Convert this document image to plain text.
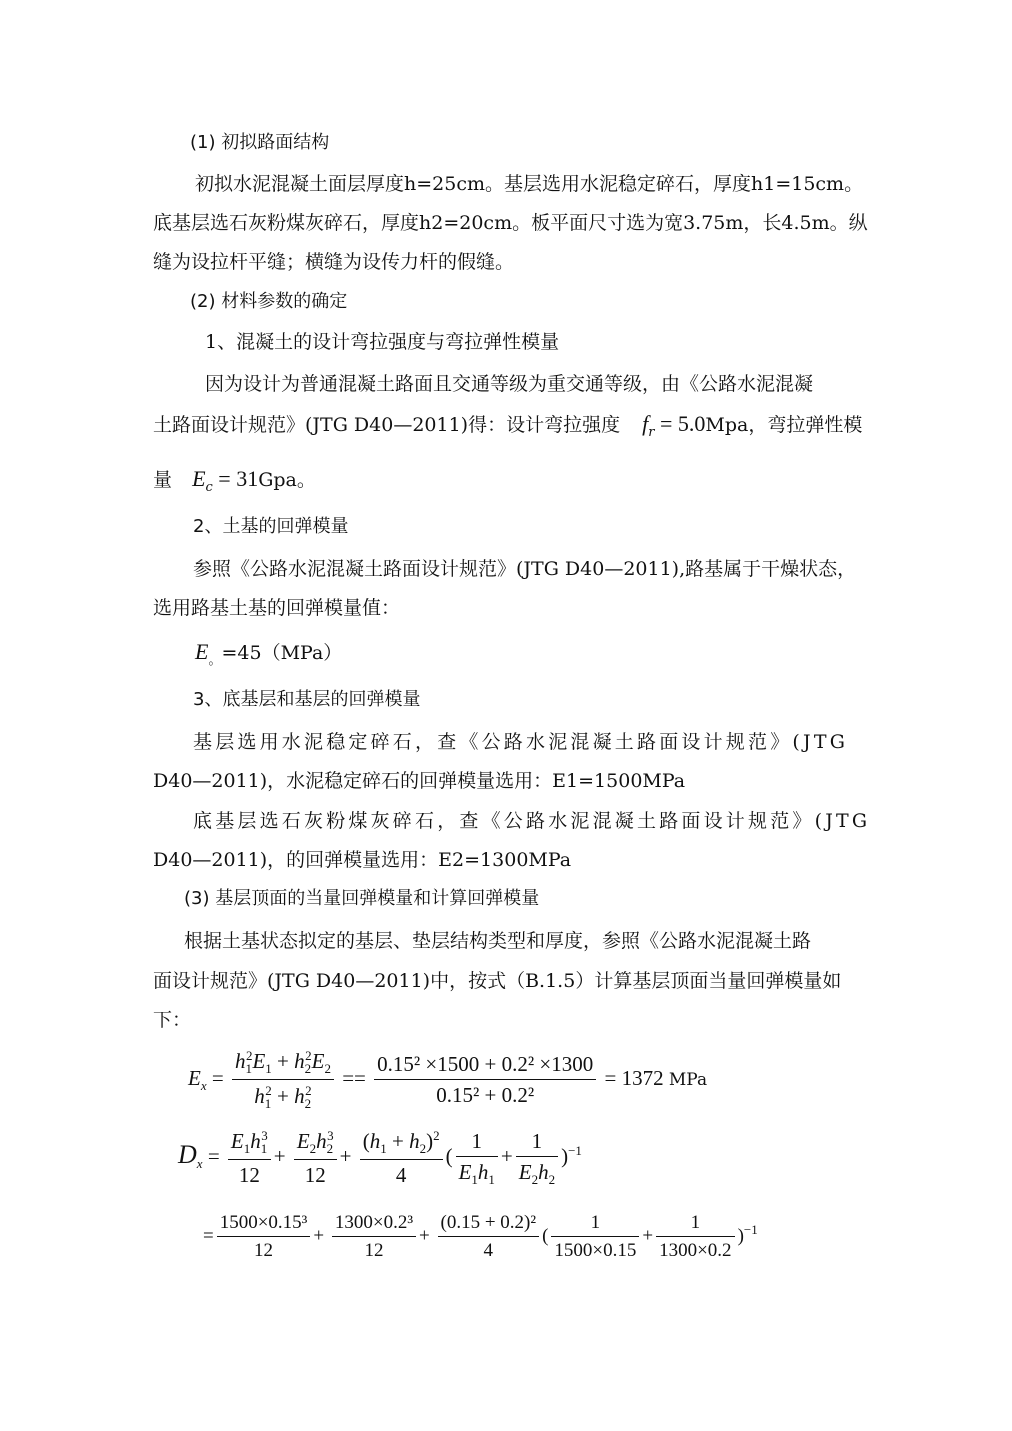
(1) 初拟路面结构
初拟水泥混凝土面层厚度h=25cm。基层选用水泥稳定碎石，厚度h1=15cm。
底基层选石灰粉煤灰碎石，厚度h2=20cm。板平面尺寸选为宽3.75m，长4.5m。纵
缝为设拉杆平缝；横缝为设传力杆的假缝。
(2) 材料参数的确定
1、混凝土的设计弯拉强度与弯拉弹性模量
因为设计为普通混凝土路面且交通等级为重交通等级，由《公路水泥混凝
土路面设计规范》(JTG D40—2011)得：设计弯拉强度 $f_r = 5.0Mpa$，弯拉弹性模
量 $E_c = 31Gpa$。
2、土基的回弹模量
参照《公路水泥混凝土路面设计规范》(JTG D40—2011),路基属于干燥状态，
选用路基土基的回弹模量值：
$E_。=45(MPa)$
3、底基层和基层的回弹模量
基层选用水泥稳定碎石，查《公路水泥混凝土路面设计规范》(JTG
D40—2011)，水泥稳定碎石的回弹模量选用：E1=1500MPa
底基层选石灰粉煤灰碎石，查《公路水泥混凝土路面设计规范》(JTG
D40—2011)，的回弹模量选用：E2=1300MPa
(3) 基层顶面的当量回弹模量和计算回弹模量
根据土基状态拟定的基层、垫层结构类型和厚度，参照《公路水泥混凝土路
面设计规范》(JTG D40—2011)中，按式（B.1.5）计算基层顶面当量回弹模量如
下：
$E_x = \frac{h_1^2E_1 + h_2^2E_2}{h_1^2 + h_2^2} == \frac{\text{0.15² ×1500 + 0.2² ×1300}}{\text{0.15² + 0.2²}} = 1372$ MPa
$D_x = \frac{E_1h_1^3}{12} + \frac{E_2h_2^3}{12} + \frac{(h_1 + h_2)^2}{4}$ ( $\frac{1}{E_1h_1} + \frac{1}{E_2h_2} )^{-1}$
= $\frac{\text{1500×0.15³}}{12} + \frac{\text{1300×0.2³}}{12} + \frac{\text{(0.15 + 0.2)²}}{4}$ ( $\frac{1}{1500\times 0.15} + \frac{1}{1300\times 0.2} )^{-1}$
